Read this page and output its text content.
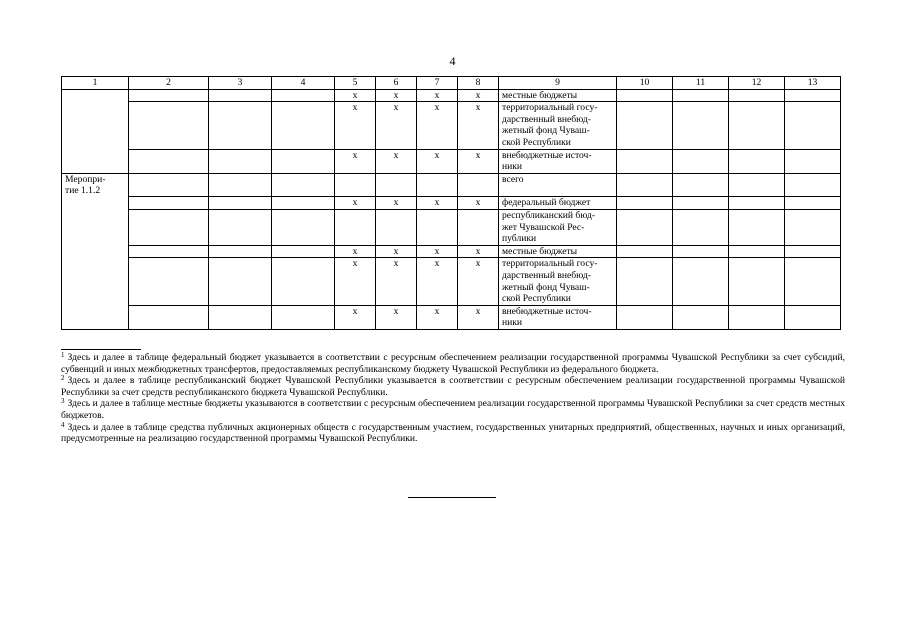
4
1	2	3	4	5	6	7	8	9	10	11	12	13
				x	x	x	x	местные бюджеты				
				x	x	x	x	территориальный госу-
дарственный внебюд-
жетный фонд Чуваш-
ской Республики				
				x	x	x	x	внебюджетные источ-
ники				
Меропри-
тие 1.1.2								всего				
				x	x	x	x	федеральный бюджет				
								республиканский бюд-
жет Чувашской Рес-
публики				
				x	x	x	x	местные бюджеты				
				x	x	x	x	территориальный госу-
дарственный внебюд-
жетный фонд Чуваш-
ской Республики				
				x	x	x	x	внебюджетные источ-
ники				
$^1$ Здесь и далее в таблице федеральный бюджет указывается в соответствии с ресурсным обеспечением реализации государственной программы Чувашской Республики за счет субсидий, субвенций и иных межбюджетных трансфертов, предоставляемых республиканскому бюджету Чувашской Республики из федерального бюджета.
$^2$ Здесь и далее в таблице республиканский бюджет Чувашской Республики указывается в соответствии с ресурсным обеспечением реализации государственной программы Чувашской Республики за счет средств республиканского бюджета Чувашской Республики.
$^3$ Здесь и далее в таблице местные бюджеты указываются в соответствии с ресурсным обеспечением реализации государственной программы Чувашской Республики за счет средств местных бюджетов.
$^4$ Здесь и далее в таблице средства публичных акционерных обществ с государственным участием, государственных унитарных предприятий, общественных, научных и иных организаций, предусмотренные на реализацию государственной программы Чувашской Республики.
